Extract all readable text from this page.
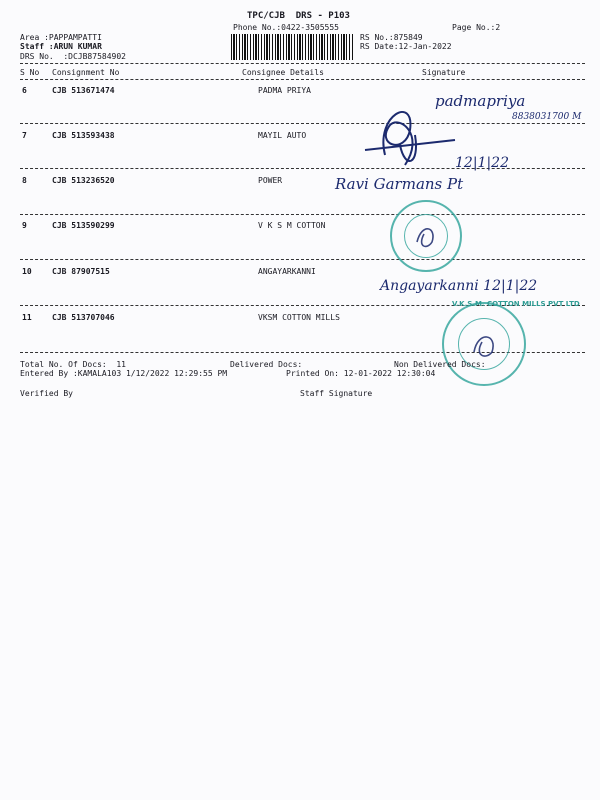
TPC/CJB  DRS - P103
Phone No.:0422-3505555	Page No.:2
Area :PAPPAMPATTI
Staff :ARUN KUMAR
DRS No.  :DCJB87584902
RS No.:875849
RS Date:12-Jan-2022
S No Consignment No	Consignee Details	Signature
6	CJB 513671474	PADMA PRIYA
7	CJB 513593438	MAYIL AUTO
8	CJB 513236520	POWER
9	CJB 513590299	V K S M COTTON
10	CJB 87907515	ANGAYARKANNI
11	CJB 513707046	VKSM COTTON MILLS
padmapriya
8838031700 M
12|1|22
Ravi Garmans Pt
Angayarkanni 12|1|22
V.K.S.M. COTTON MILLS PVT LTD
Total No. Of Docs:  11	Delivered Docs:	Non Delivered Docs:
Entered By :KAMALA103 1/12/2022 12:29:55 PM	Printed On: 12-01-2022 12:30:04
Verified By	Staff Signature
